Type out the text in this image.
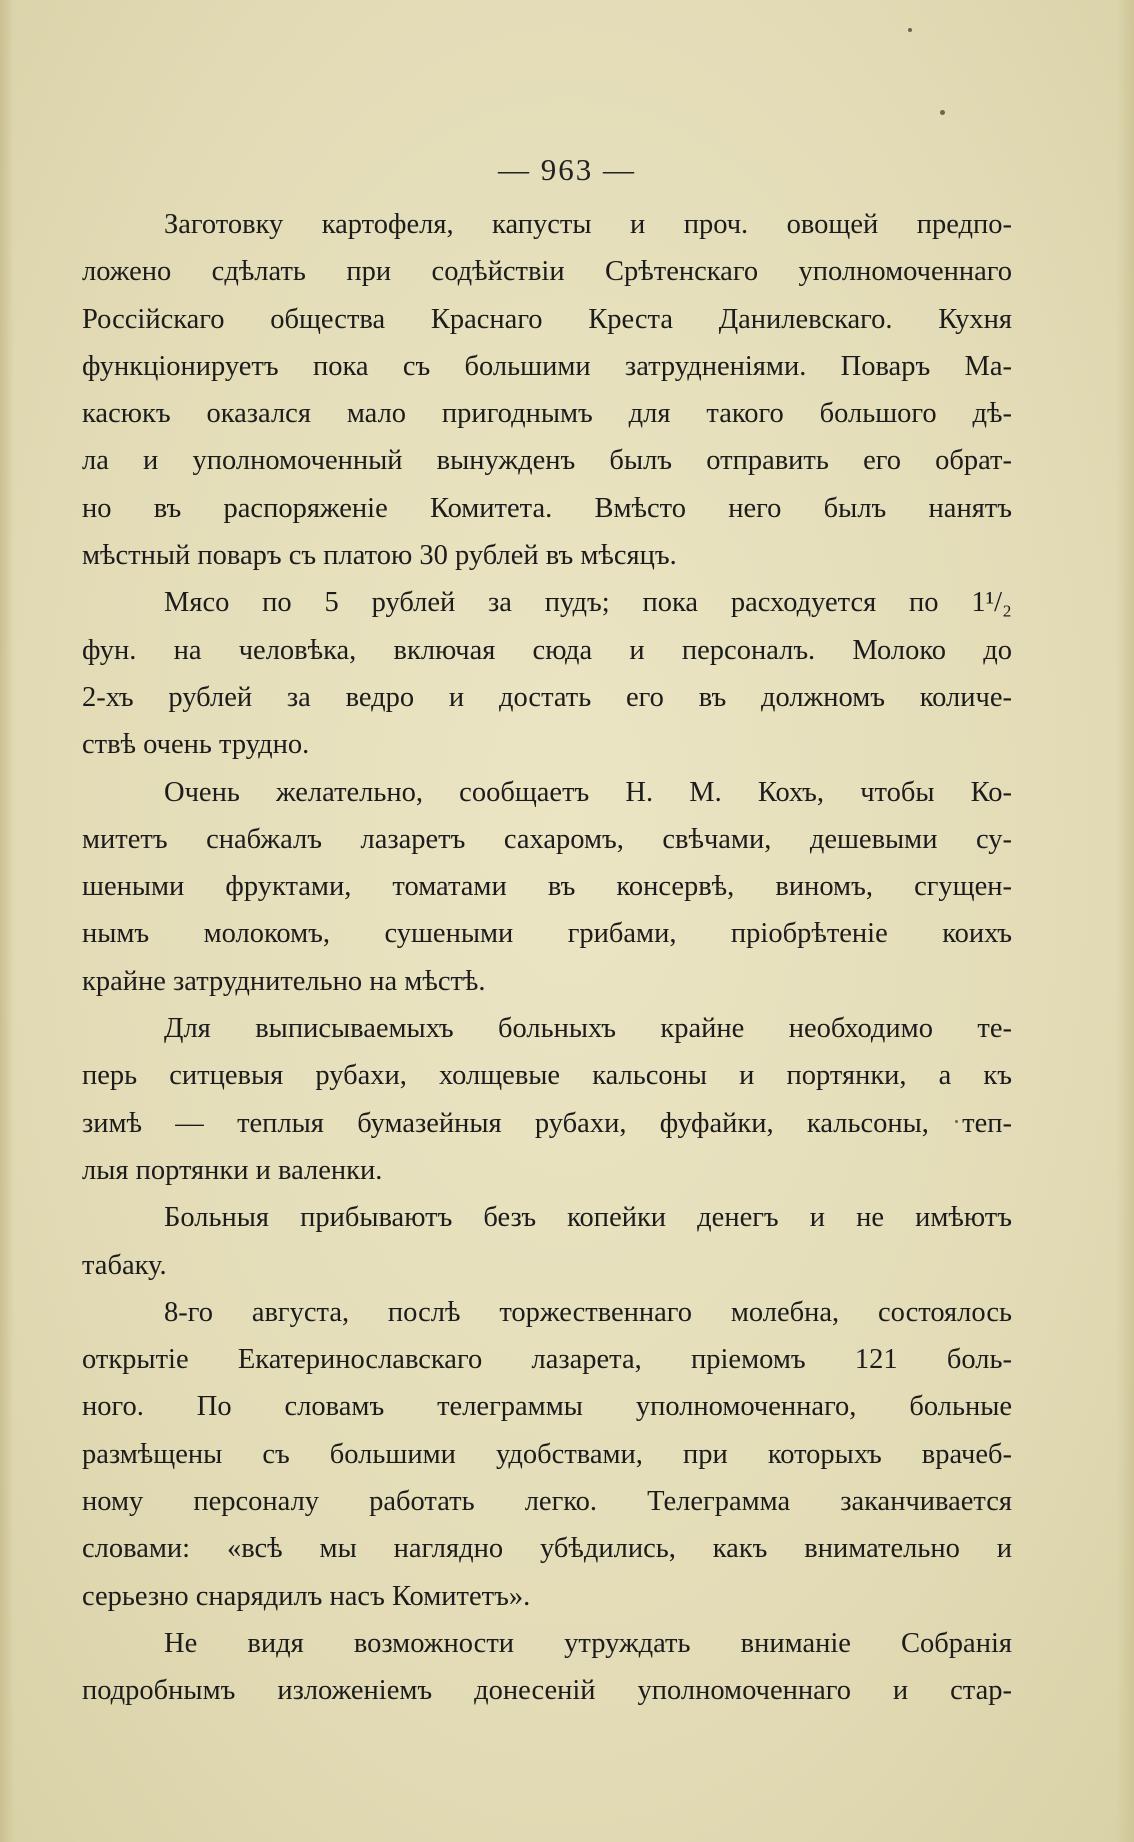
— 963 —
Заготовку картофеля, капусты и проч. овощей предпо-
ложено сдѣлать при содѣйствіи Срѣтенскаго уполномоченнаго
Россійскаго общества Краснаго Креста Данилевскаго. Кухня
функціонируетъ пока съ большими затрудненіями. Поваръ Ма-
касюкъ оказался мало пригоднымъ для такого большого дѣ-
ла и уполномоченный вынужденъ былъ отправить его обрат-
но въ распоряженіе Комитета. Вмѣсто него былъ нанятъ
мѣстный поваръ съ платою 30 рублей въ мѣсяцъ.
Мясо по 5 рублей за пудъ; пока расходуется по 1¹/₂
фун. на человѣка, включая сюда и персоналъ. Молоко до
2-хъ рублей за ведро и достать его въ должномъ количе-
ствѣ очень трудно.
Очень желательно, сообщаетъ Н. М. Кохъ, чтобы Ко-
митетъ снабжалъ лазаретъ сахаромъ, свѣчами, дешевыми су-
шеными фруктами, томатами въ консервѣ, виномъ, сгущен-
нымъ молокомъ, сушеными грибами, пріобрѣтеніе коихъ
крайне затруднительно на мѣстѣ.
Для выписываемыхъ больныхъ крайне необходимо те-
перь ситцевыя рубахи, холщевые кальсоны и портянки, а къ
зимѣ — теплыя бумазейныя рубахи, фуфайки, кальсоны, теп-
лыя портянки и валенки.
Больныя прибываютъ безъ копейки денегъ и не имѣютъ
табаку.
8-го августа, послѣ торжественнаго молебна, состоялось
открытіе Екатеринославскаго лазарета, пріемомъ 121 боль-
ного. По словамъ телеграммы уполномоченнаго, больные
размѣщены съ большими удобствами, при которыхъ врачеб-
ному персоналу работать легко. Телеграмма заканчивается
словами: «всѣ мы наглядно убѣдились, какъ внимательно и
серьезно снарядилъ насъ Комитетъ».
Не видя возможности утруждать вниманіе Собранія
подробнымъ изложеніемъ донесеній уполномоченнаго и стар-
